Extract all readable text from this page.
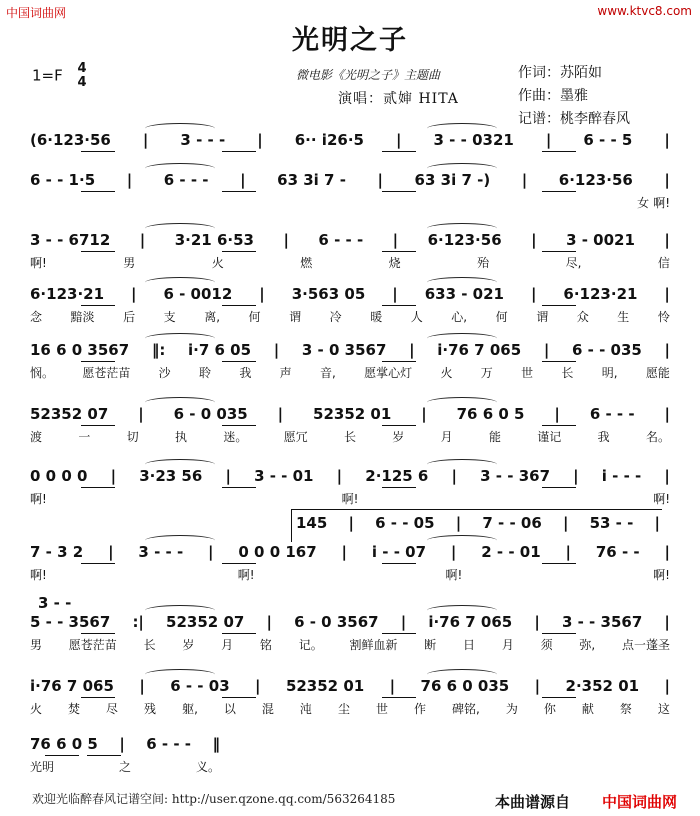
中国词曲网	www.ktvc8.com
光明之子
1=F 4
4	微电影《光明之子》主题曲
演唱：贰婶 HITA
作词：苏陌如
作曲：墨雅
记谱：桃李醉春风
(6·123·56 | 3 - - - | 6·· i26·5 | 3 - - 0321 | 6 - - 5 |
6 - - 1·5 | 6 - - - | 63 3i 7 - | 63 3i 7 -) | 6·123·56 |
女 啊!
3 - - 6712 | 3·21 6·53 | 6 - - - | 6·123·56 | 3 - 0021 |
啊!	男	火	燃	烧	殆	尽,	信
6·123·21 | 6 - 0012 | 3·563 05 | 633 - 021 | 6·123·21 |
念 黯淡 后 支 离, 何 谓 冷 暖 人 心, 何 谓 众 生 怜
16 6 0 3567 ‖: i·7 6 05 | 3 - 0 3567 | i·76 7 065 | 6 - - 035 |
悯。 愿苍茫苗 沙 聆 我 声 音, 愿掌心灯 火 万 世 长 明, 愿能
52352 07 | 6 - 0 035 | 52352 01 | 76 6 0 5 | 6 - - - |
渡	一	切	执	迷。	愿冗	长	岁	月	能	谨记	我	名。
0 0 0 0 | 3·23 56 | 3 - - 01 | 2·125 6 | 3 - - 367 | i - - - |
啊!	啊!	啊!
7 - 3 2 | 3 - - - | 0 0 0 167 | i - - 07 | 2 - - 01 | 76 - - |
啊!	啊!	啊!	啊!
5 - - 3567 :| 52352 07 | 6 - 0 3567 | i·76 7 065 | 3 - - 3567 |
男 愿苍茫苗 长 岁 月 铭 记。 割鲜血新 断 日 月 须 弥, 点一蓬圣
i·76 7 065 | 6 - - 03 | 52352 01 | 76 6 0 035 | 2·352 01 |
火 焚 尽 残 躯, 以 混 沌 尘 世 作 碑铭, 为 你 献 祭 这
76 6 0 5 | 6 - - - ‖
光明	之	义。
145 | 6 - - 05 | 7 - - 06 | 53 - - |
3 - -
欢迎光临醉春风记谱空间: http://user.qzone.qq.com/563264185	本曲谱源自 中国词曲网
